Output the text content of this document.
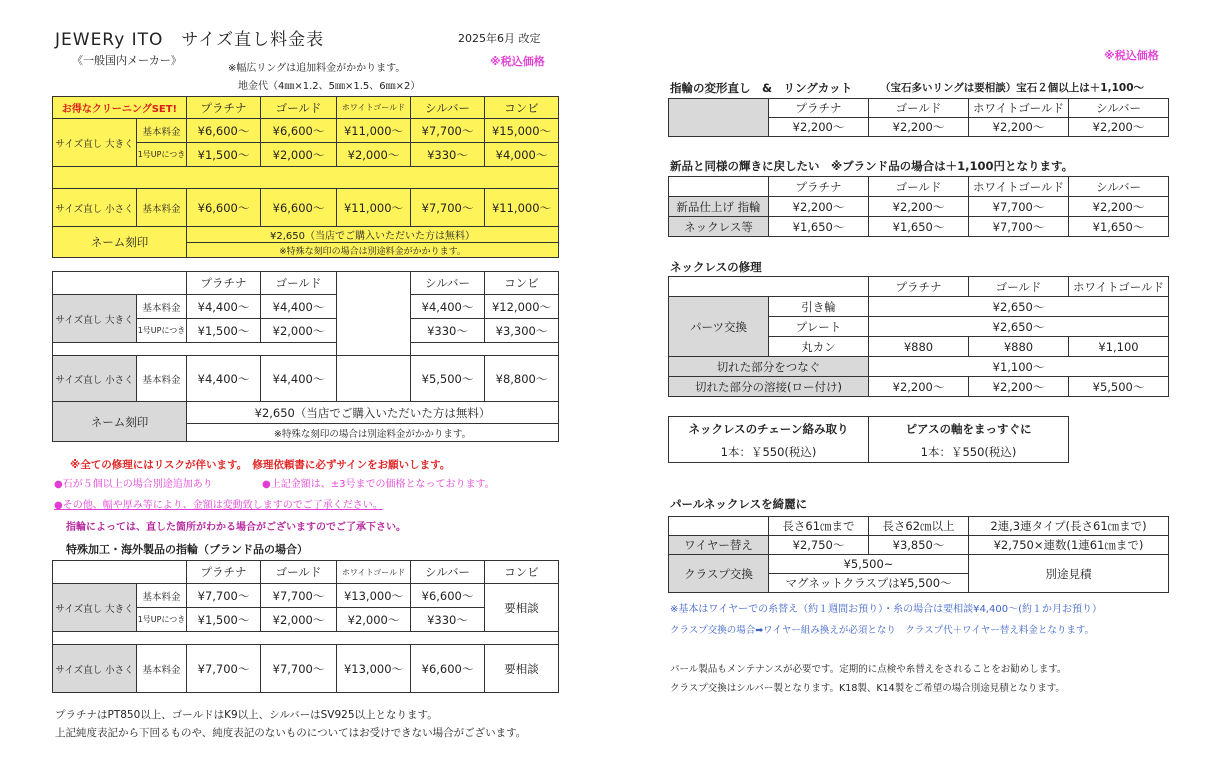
JEWERy ITO　サイズ直し料金表	2025年6月 改定
《一般国内メーカー》
※幅広リングは追加料金がかかります。
※税込価格
地金代（4㎜×1.2、5㎜×1.5、6㎜×2）
※税込価格
お得なクリーニングSET!		プラチナ	ゴールド	ホワイトゴールド	シルバー	コンビ
サイズ直し 大きく	基本料金	¥6,600～	¥6,600～	¥11,000～	¥7,700～	¥15,000～
	1号UPにつき	¥1,500～	¥2,000～	¥2,000～	¥330～	¥4,000～

サイズ直し 小さく	基本料金	¥6,600～	¥6,600～	¥11,000～	¥7,700～	¥11,000～
ネーム刻印		¥2,650（当店でご購入いただいた方は無料）				
		※特殊な刻印の場合は別途料金がかかります。				
		プラチナ	ゴールド		シルバー	コンビ
サイズ直し 大きく	基本料金	¥4,400～	¥4,400～		¥4,400～	¥12,000～
	1号UPにつき	¥1,500～	¥2,000～		¥330～	¥3,300～

サイズ直し 小さく	基本料金	¥4,400～	¥4,400～		¥5,500～	¥8,800～
ネーム刻印		¥2,650（当店でご購入いただいた方は無料）				
		※特殊な刻印の場合は別途料金がかかります。				
※全ての修理にはリスクが伴います。　修理依頼書に必ずサインをお願いします。
●石が５個以上の場合別途追加あり	●上記金額は、±3号までの価格となっております。
●その他、幅や厚み等により、金額は変動致しますのでご了承ください。
指輪によっては、直した箇所がわかる場合がございますのでご了承下さい。
特殊加工・海外製品の指輪（ブランド品の場合）
		プラチナ	ゴールド	ホワイトゴールド	シルバー	コンビ
サイズ直し 大きく	基本料金	¥7,700～	¥7,700～	¥13,000～	¥6,600～	要相談
	1号UPにつき	¥1,500～	¥2,000～	¥2,000～	¥330～	

サイズ直し 小さく	基本料金	¥7,700～	¥7,700～	¥13,000～	¥6,600～	要相談
プラチナはPT850以上、ゴールドはK9以上、シルバーはSV925以上となります。
上記純度表記から下回るものや、純度表記のないものについてはお受けできない場合がございます。
指輪の変形直し　&　リングカット	（宝石多いリングは要相談）宝石２個以上は＋1,100～
	プラチナ	ゴールド	ホワイトゴールド	シルバー
	¥2,200～	¥2,200～	¥2,200～	¥2,200～
新品と同様の輝きに戻したい　※ブランド品の場合は＋1,100円となります。
	プラチナ	ゴールド	ホワイトゴールド	シルバー
新品仕上げ 指輪	¥2,200～	¥2,200～	¥7,700～	¥2,200～
ネックレス等	¥1,650～	¥1,650～	¥7,700～	¥1,650～
ネックレスの修理
		プラチナ	ゴールド	ホワイトゴールド
パーツ交換	引き輪	¥2,650～		
	プレート	¥2,650～		
	丸カン	¥880	¥880	¥1,100
切れた部分をつなぐ		¥1,100～		
切れた部分の溶接(ロー付け)		¥2,200～	¥2,200～	¥5,500～
ネックレスのチェーン絡み取り	ピアスの軸をまっすぐに
1本：￥550(税込)	1本：￥550(税込)
パールネックレスを綺麗に
	長さ61㎝まで	長さ62㎝以上	2連,3連タイプ(長さ61㎝まで)
ワイヤー替え	¥2,750～	¥3,850～	¥2,750×連数(1連61㎝まで)
クラスプ交換	¥5,500~		別途見積
	マグネットクラスプは¥5,500～		
※基本はワイヤーでの糸替え（約１週間お預り）・糸の場合は要相談¥4,400～(約１か月お預り）
クラスプ交換の場合➡ワイヤー組み換えが必須となり　クラスプ代＋ワイヤー替え料金となります。
パール製品もメンテナンスが必要です。定期的に点検や糸替えをされることをお勧めします。
クラスプ交換はシルバー製となります。K18製、K14製をご希望の場合別途見積となります。
